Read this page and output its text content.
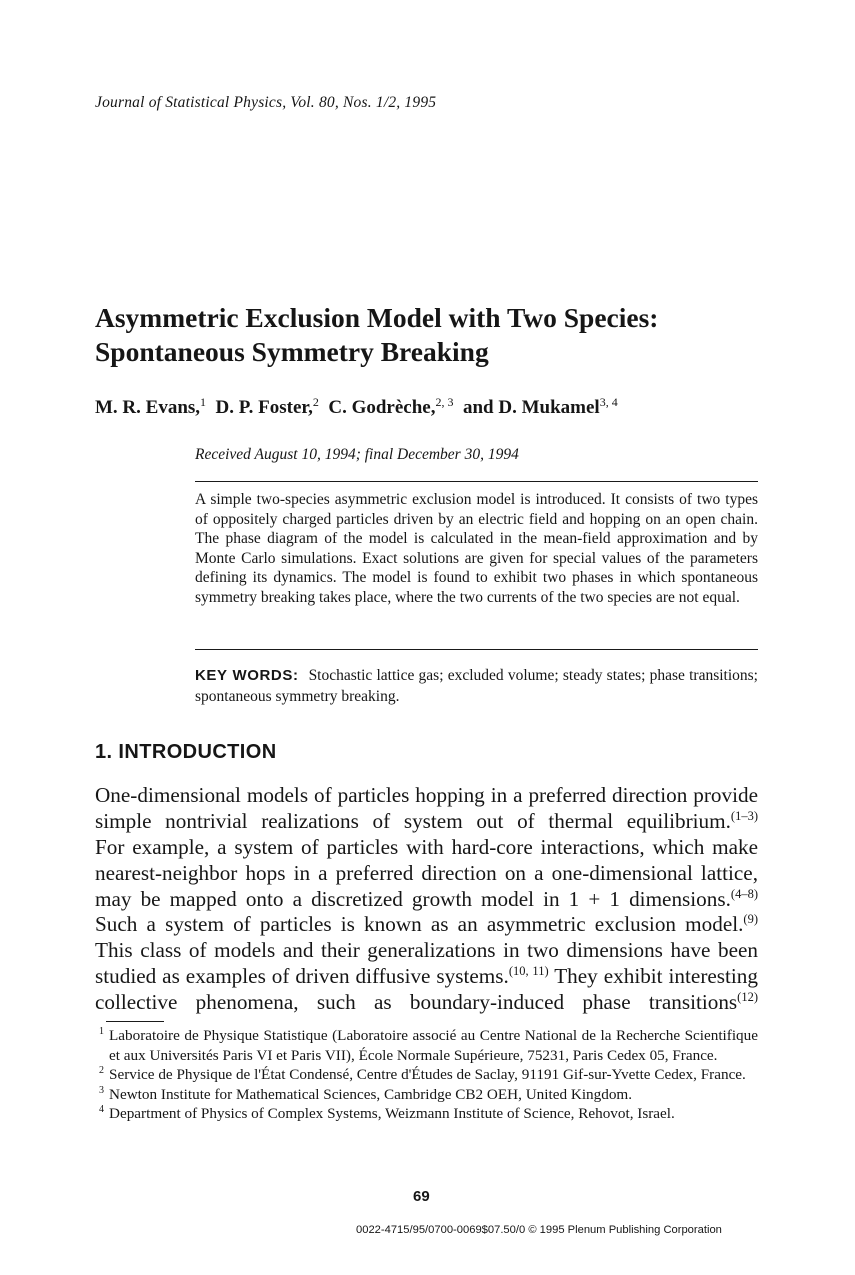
Journal of Statistical Physics, Vol. 80, Nos. 1/2, 1995
Asymmetric Exclusion Model with Two Species:
Spontaneous Symmetry Breaking
M. R. Evans,$^1$ D. P. Foster,$^2$ C. Godrèche,$^{2, 3}$ and D. Mukamel$^{3, 4}$
Received August 10, 1994; final December 30, 1994
A simple two-species asymmetric exclusion model is introduced. It consists of two types of oppositely charged particles driven by an electric field and hopping on an open chain. The phase diagram of the model is calculated in the mean-field approximation and by Monte Carlo simulations. Exact solutions are given for special values of the parameters defining its dynamics. The model is found to exhibit two phases in which spontaneous symmetry breaking takes place, where the two currents of the two species are not equal.
KEY WORDS: Stochastic lattice gas; excluded volume; steady states; phase transitions; spontaneous symmetry breaking.
1. INTRODUCTION
One-dimensional models of particles hopping in a preferred direction provide
simple nontrivial realizations of system out of thermal equilibrium.$^{(1-3)}$
For example, a system of particles with hard-core interactions, which make
nearest-neighbor hops in a preferred direction on a one-dimensional lattice,
may be mapped onto a discretized growth model in 1 + 1 dimensions.$^{(4-8)}$
Such a system of particles is known as an asymmetric exclusion model.$^{(9)}$
This class of models and their generalizations in two dimensions have been
studied as examples of driven diffusive systems.$^{(10, 11)}$ They exhibit interesting
collective phenomena, such as boundary-induced phase transitions$^{(12)}$
1 Laboratoire de Physique Statistique (Laboratoire associé au Centre National de la Recherche Scientifique et aux Universités Paris VI et Paris VII), École Normale Supérieure, 75231, Paris Cedex 05, France.
2 Service de Physique de l'État Condensé, Centre d'Études de Saclay, 91191 Gif-sur-Yvette Cedex, France.
3 Newton Institute for Mathematical Sciences, Cambridge CB2 OEH, United Kingdom.
4 Department of Physics of Complex Systems, Weizmann Institute of Science, Rehovot, Israel.
69
0022-4715/95/0700-0069$07.50/0 © 1995 Plenum Publishing Corporation
